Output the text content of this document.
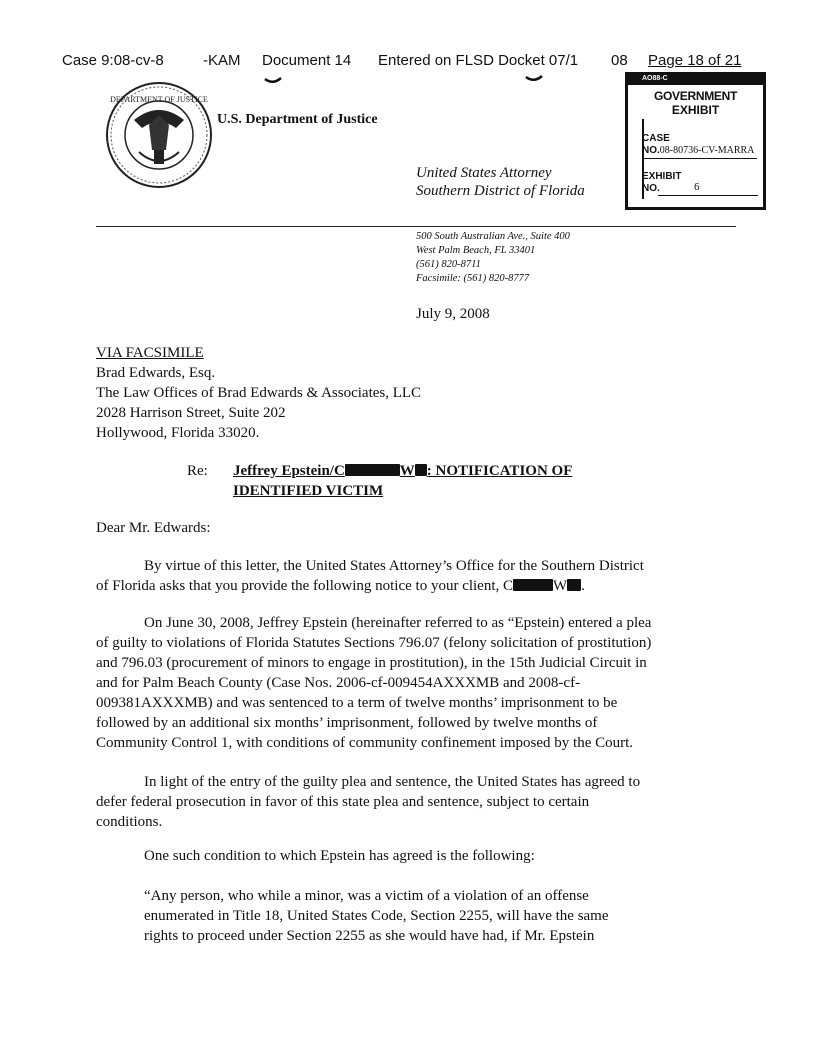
Case 9:08-cv-8	-KAM Document 14 Entered on FLSD Docket 07/1 08 Page 18 of 21
DEPARTMENT OF JUSTICE
U.S. Department of Justice
United States Attorney
Southern District of Florida
AO88-C
GOVERNMENT
EXHIBIT
CASE
NO.08-80736-CV-MARRA
EXHIBIT
NO.	6
500 South Australian Ave., Suite 400
West Palm Beach, FL 33401
(561) 820-8711
Facsimile: (561) 820-8777
July 9, 2008
VIA FACSIMILE
Brad Edwards, Esq.
The Law Offices of Brad Edwards & Associates, LLC
2028 Harrison Street, Suite 202
Hollywood, Florida 33020.
Re: Jeffrey Epstein/C	W : NOTIFICATION OF
IDENTIFIED VICTIM
Dear Mr. Edwards:
By virtue of this letter, the United States Attorney’s Office for the Southern District
of Florida asks that you provide the following notice to your client, C	W .
On June 30, 2008, Jeffrey Epstein (hereinafter referred to as “Epstein) entered a plea
of guilty to violations of Florida Statutes Sections 796.07 (felony solicitation of prostitution)
and 796.03 (procurement of minors to engage in prostitution), in the 15th Judicial Circuit in
and for Palm Beach County (Case Nos. 2006-cf-009454AXXXMB and 2008-cf-
009381AXXXMB) and was sentenced to a term of twelve months’ imprisonment to be
followed by an additional six months’ imprisonment, followed by twelve months of
Community Control 1, with conditions of community confinement imposed by the Court.
In light of the entry of the guilty plea and sentence, the United States has agreed to
defer federal prosecution in favor of this state plea and sentence, subject to certain
conditions.
One such condition to which Epstein has agreed is the following:
“Any person, who while a minor, was a victim of a violation of an offense
enumerated in Title 18, United States Code, Section 2255, will have the same
rights to proceed under Section 2255 as she would have had, if Mr. Epstein
